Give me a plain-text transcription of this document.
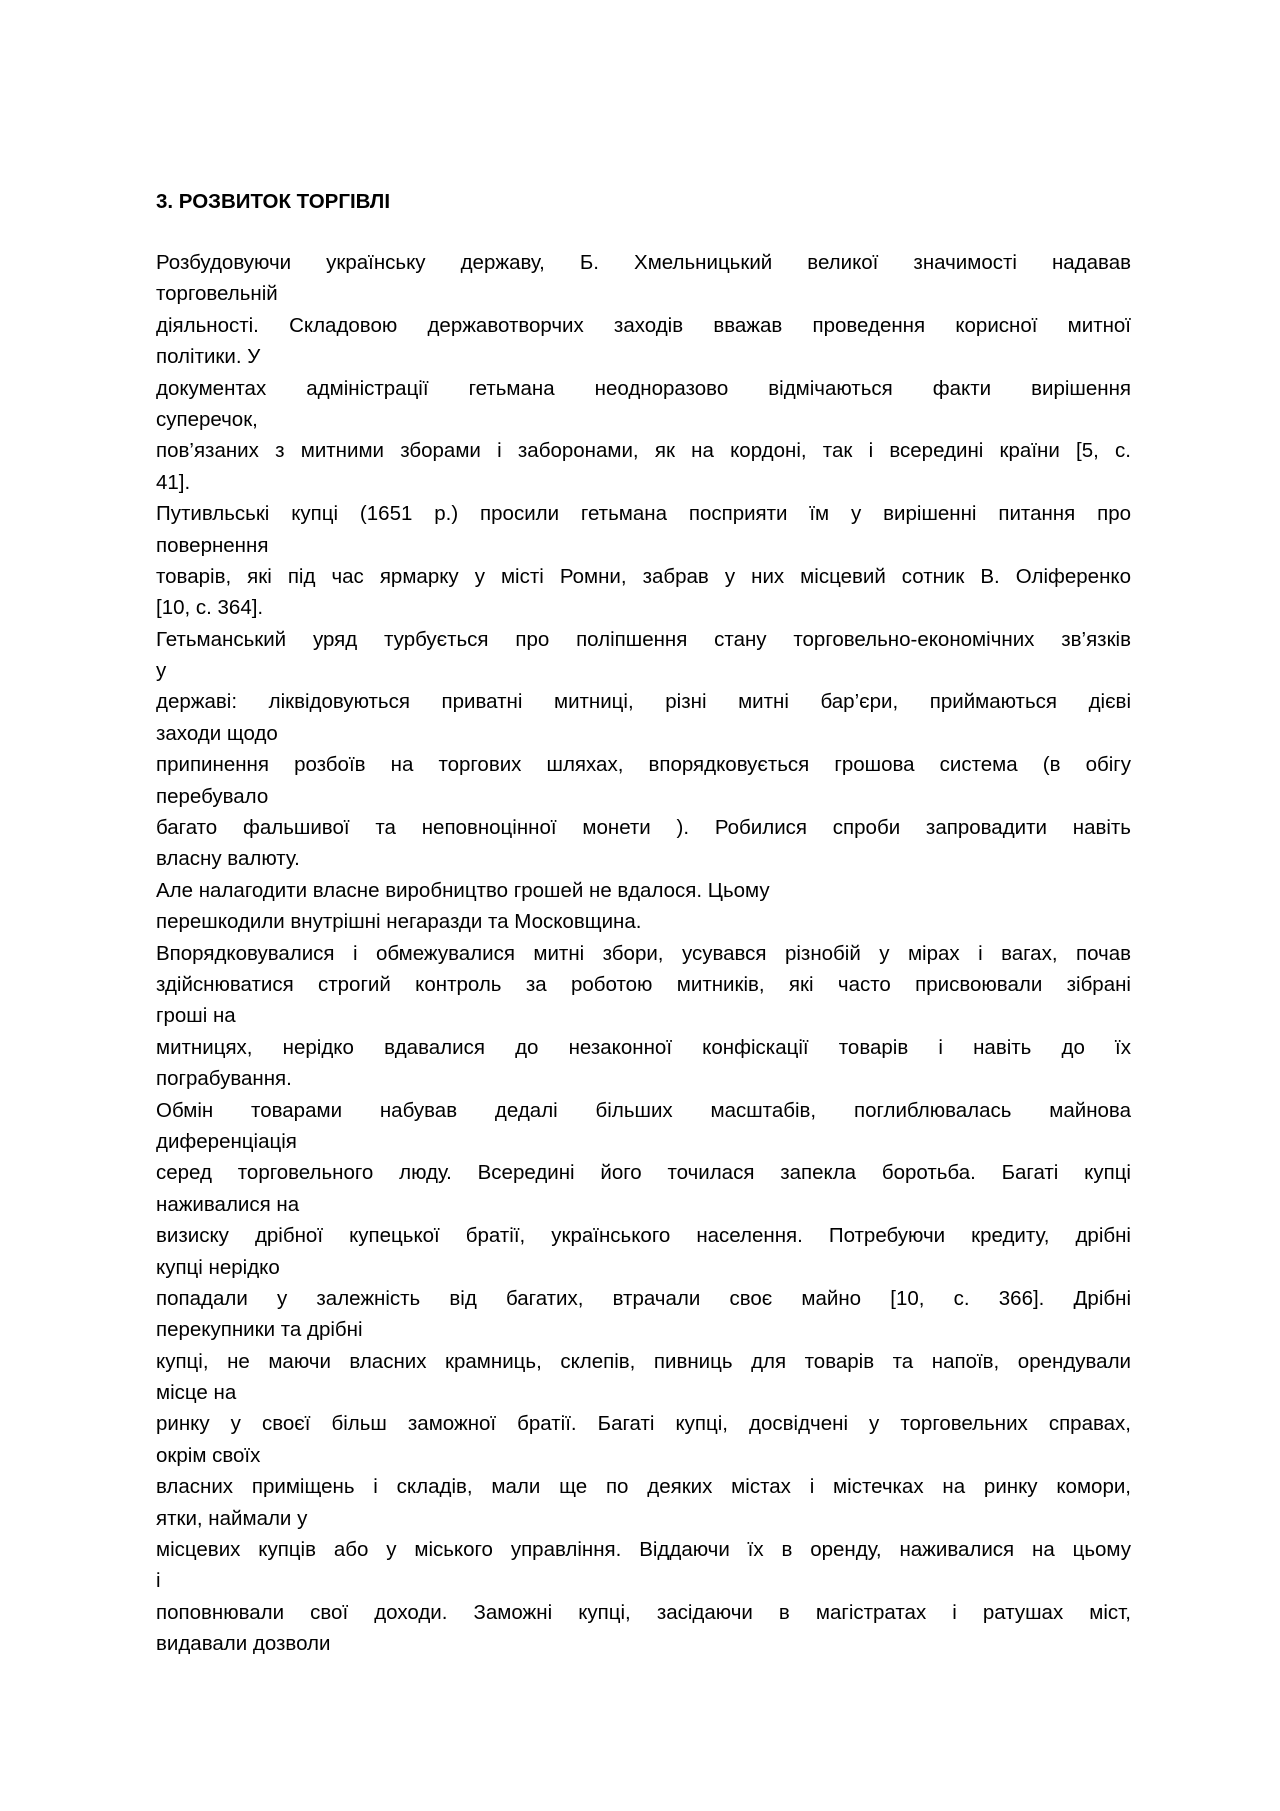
3. РОЗВИТОК ТОРГІВЛІ
Розбудовуючи українську державу, Б. Хмельницький великої значимості надавав
торговельній
діяльності. Складовою державотворчих заходів вважав проведення корисної митної
політики. У
документах адміністрації гетьмана неодноразово відмічаються факти вирішення
суперечок,
пов’язаних з митними зборами і заборонами, як на кордоні, так і всередині країни [5, с.
41].
Путивльські купці (1651 р.) просили гетьмана посприяти їм у вирішенні питання про
повернення
товарів, які під час ярмарку у місті Ромни, забрав у них місцевий сотник В. Оліференко
[10, с. 364].
Гетьманський уряд турбується про поліпшення стану торговельно-економічних зв’язків
у
державі: ліквідовуються приватні митниці, різні митні бар’єри, приймаються дієві
заходи щодо
припинення розбоїв на торгових шляхах, впорядковується грошова система (в обігу
перебувало
багато фальшивої та неповноцінної монети ). Робилися спроби запровадити навіть
власну валюту.
Але налагодити власне виробництво грошей не вдалося. Цьому
перешкодили внутрішні негаразди та Московщина.
Впорядковувалися і обмежувалися митні збори, усувався різнобій у мірах і вагах, почав
здійснюватися строгий контроль за роботою митників, які часто присвоювали зібрані
гроші на
митницях, нерідко вдавалися до незаконної конфіскації товарів і навіть до їх
пограбування.
Обмін товарами набував дедалі більших масштабів, поглиблювалась майнова
диференціація
серед торговельного люду. Всередині його точилася запекла боротьба. Багаті купці
наживалися на
визиску дрібної купецької братії, українського населення. Потребуючи кредиту, дрібні
купці нерідко
попадали у залежність від багатих, втрачали своє майно [10, с. 366]. Дрібні
перекупники та дрібні
купці, не маючи власних крамниць, склепів, пивниць для товарів та напоїв, орендували
місце на
ринку у своєї більш заможної братії. Багаті купці, досвідчені у торговельних справах,
окрім своїх
власних приміщень і складів, мали ще по деяких містах і містечках на ринку комори,
ятки, наймали у
місцевих купців або у міського управління. Віддаючи їх в оренду, наживалися на цьому
і
поповнювали свої доходи. Заможні купці, засідаючи в магістратах і ратушах міст,
видавали дозволи
